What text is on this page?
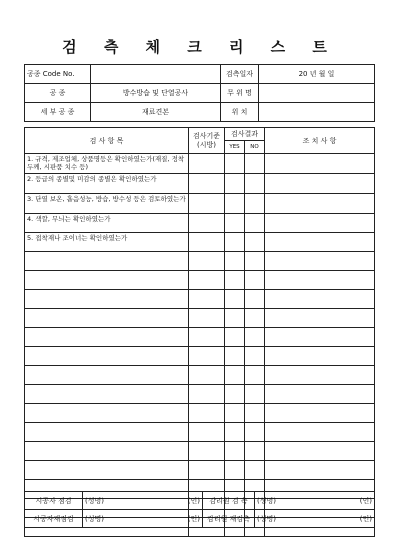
검 측 체 크 리 스 트
공종 Code No.		검측일자	20 년 월 일
공 종	방수방습 및 단열공사	무 위 명	
세 부 공 종	재료견본	위 치	
검 사 항 목	검사기준
(시방)	검사결과		조 치 사 항
		YES	NO	
1. 규격, 제조업체, 상품명등은 확인하였는가(재질, 정착두께, 시판품 치수 등)				
2. 등급의 종별및 미감의 종별은 확인하였는가				
3. 단열 보온, 흡음성능, 방습, 방수성 등은 검토하였는가				
4. 색깔, 무늬는 확인하였는가				
5. 접착재나 조이너는 확인하였는가				

시공자 점검	(성명) (인)	감리원 검 측	(성명) (인)

시공자재점검	(성명) (인)	감리원 재검측	(성명) (인)
